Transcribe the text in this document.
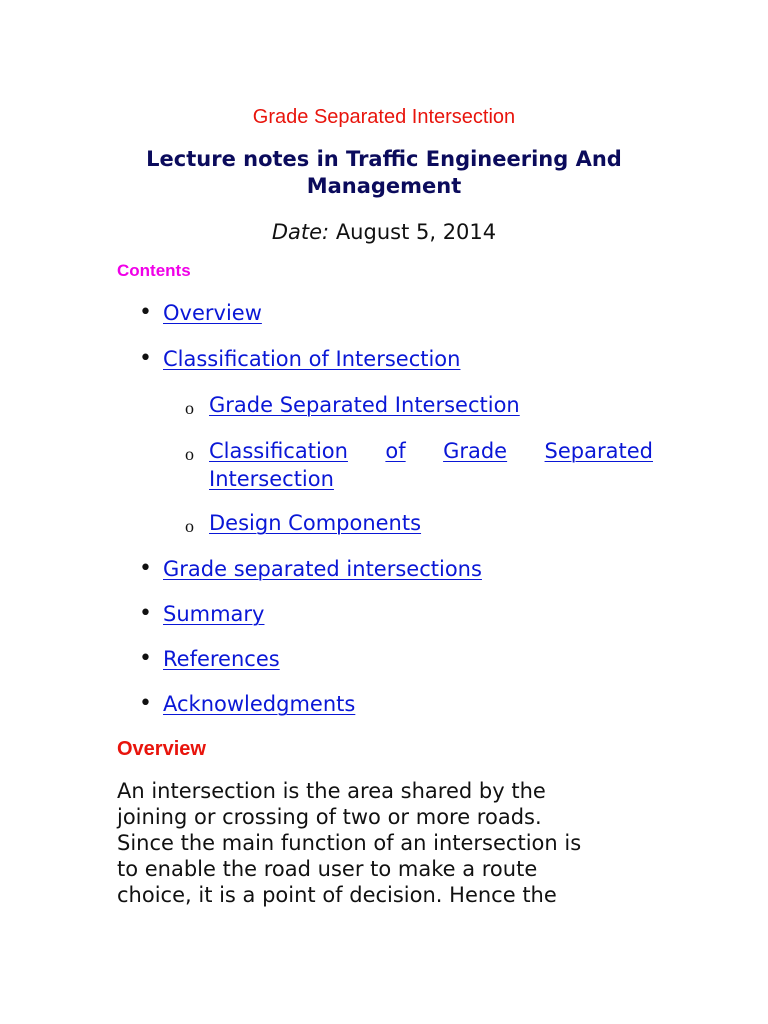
Grade Separated Intersection
Lecture notes in Traffic Engineering And
Management
Date: August 5, 2014
Contents
• Overview
• Classification of Intersection
o Grade Separated Intersection
o Classification of Grade Separated
Intersection
o Design Components
• Grade separated intersections
• Summary
• References
• Acknowledgments
Overview
An intersection is the area shared by the
joining or crossing of two or more roads.
Since the main function of an intersection is
to enable the road user to make a route
choice, it is a point of decision. Hence the
